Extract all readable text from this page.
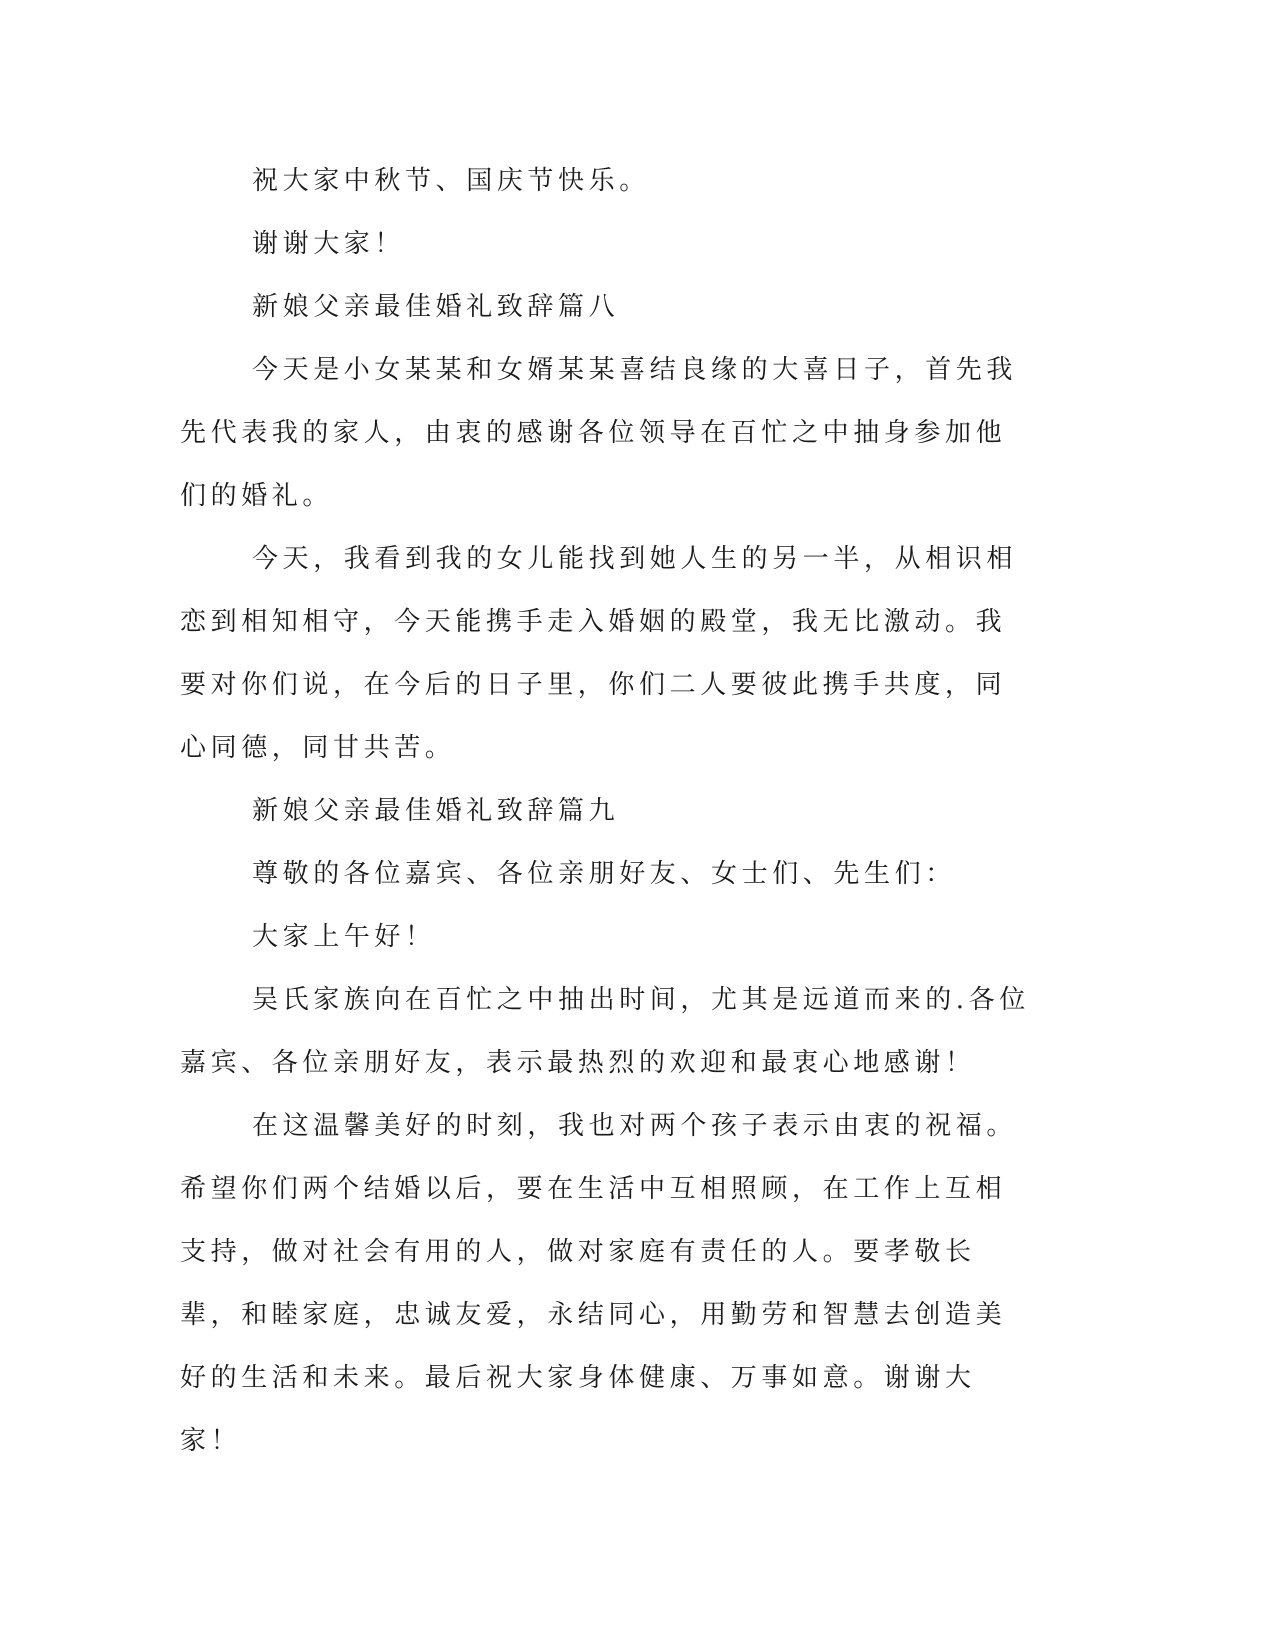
祝大家中秋节、国庆节快乐。

谢谢大家！

新娘父亲最佳婚礼致辞篇八

今天是小女某某和女婿某某喜结良缘的大喜日子，首先我先代表我的家人，由衷的感谢各位领导在百忙之中抽身参加他们的婚礼。

今天，我看到我的女儿能找到她人生的另一半，从相识相恋到相知相守，今天能携手走入婚姻的殿堂，我无比激动。我要对你们说，在今后的日子里，你们二人要彼此携手共度，同心同德，同甘共苦。

新娘父亲最佳婚礼致辞篇九

尊敬的各位嘉宾、各位亲朋好友、女士们、先生们：

大家上午好！

吴氏家族向在百忙之中抽出时间，尤其是远道而来的.各位嘉宾、各位亲朋好友，表示最热烈的欢迎和最衷心地感谢！

在这温馨美好的时刻，我也对两个孩子表示由衷的祝福。希望你们两个结婚以后，要在生活中互相照顾，在工作上互相支持，做对社会有用的人，做对家庭有责任的人。要孝敬长辈，和睦家庭，忠诚友爱，永结同心，用勤劳和智慧去创造美好的生活和未来。最后祝大家身体健康、万事如意。谢谢大家！
